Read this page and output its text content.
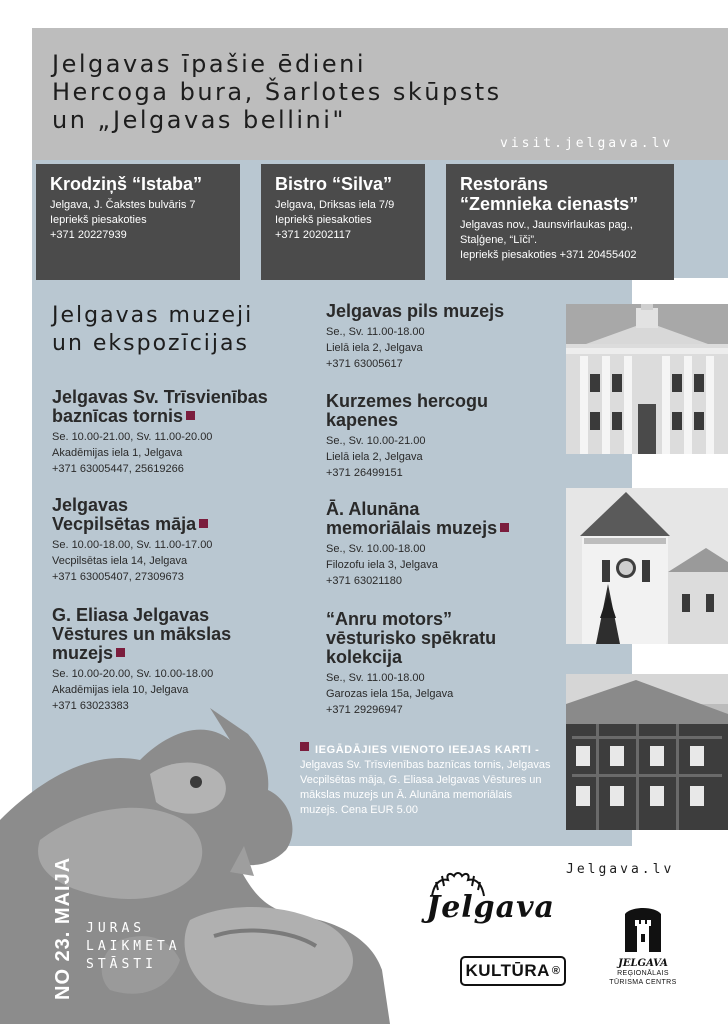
Jelgavas īpašie ēdieni
Hercoga bura, Šarlotes skūpsts
un „Jelgavas bellini"
visit.jelgava.lv
Krodziņš “Istaba”
Jelgava, J. Čakstes bulvāris 7
Iepriekš piesakoties
+371 20227939
Bistro “Silva”
Jelgava, Driksas iela 7/9
Iepriekš piesakoties
+371 20202117
Restorāns
“Zemnieka cienasts”
Jelgavas nov., Jaunsvirlaukas pag.,
Staļģene, “Līči”.
Iepriekš piesakoties +371 20455402
Jelgavas muzeji
un ekspozīcijas
Jelgavas Sv. Trīsvienības
baznīcas tornis
Se. 10.00-21.00, Sv. 11.00-20.00
Akadēmijas iela 1, Jelgava
+371 63005447, 25619266
Jelgavas
Vecpilsētas māja
Se. 10.00-18.00, Sv. 11.00-17.00
Vecpilsētas iela 14, Jelgava
+371 63005407, 27309673
G. Eliasa Jelgavas
Vēstures un mākslas
muzejs
Se. 10.00-20.00, Sv. 10.00-18.00
Akadēmijas iela 10, Jelgava
+371 63023383
Jelgavas pils muzejs
Se., Sv. 11.00-18.00
Lielā iela 2, Jelgava
+371 63005617
Kurzemes hercogu
kapenes
Se., Sv. 10.00-21.00
Lielā iela 2, Jelgava
+371 26499151
Ā. Alunāna
memoriālais muzejs
Se., Sv. 10.00-18.00
Filozofu iela 3, Jelgava
+371 63021180
“Anru motors”
vēsturisko spēkratu
kolekcija
Se., Sv. 11.00-18.00
Garozas iela 15a, Jelgava
+371 29296947
IEGĀDĀJIES VIENOTO IEEJAS KARTI -
Jelgavas Sv. Trīsvienības baznīcas tornis, Jelgavas
Vecpilsētas māja, G. Eliasa Jelgavas Vēstures un
mākslas muzejs un Ā. Alunāna memoriālais
muzejs. Cena EUR 5.00
Jelgava.lv
NO 23. MAIJA JURAS
LAIKMETA
STĀSTI
Jelgava
KULTŪRA ®
JELGAVA
REĢIONĀLAIS
TŪRISMA CENTRS
